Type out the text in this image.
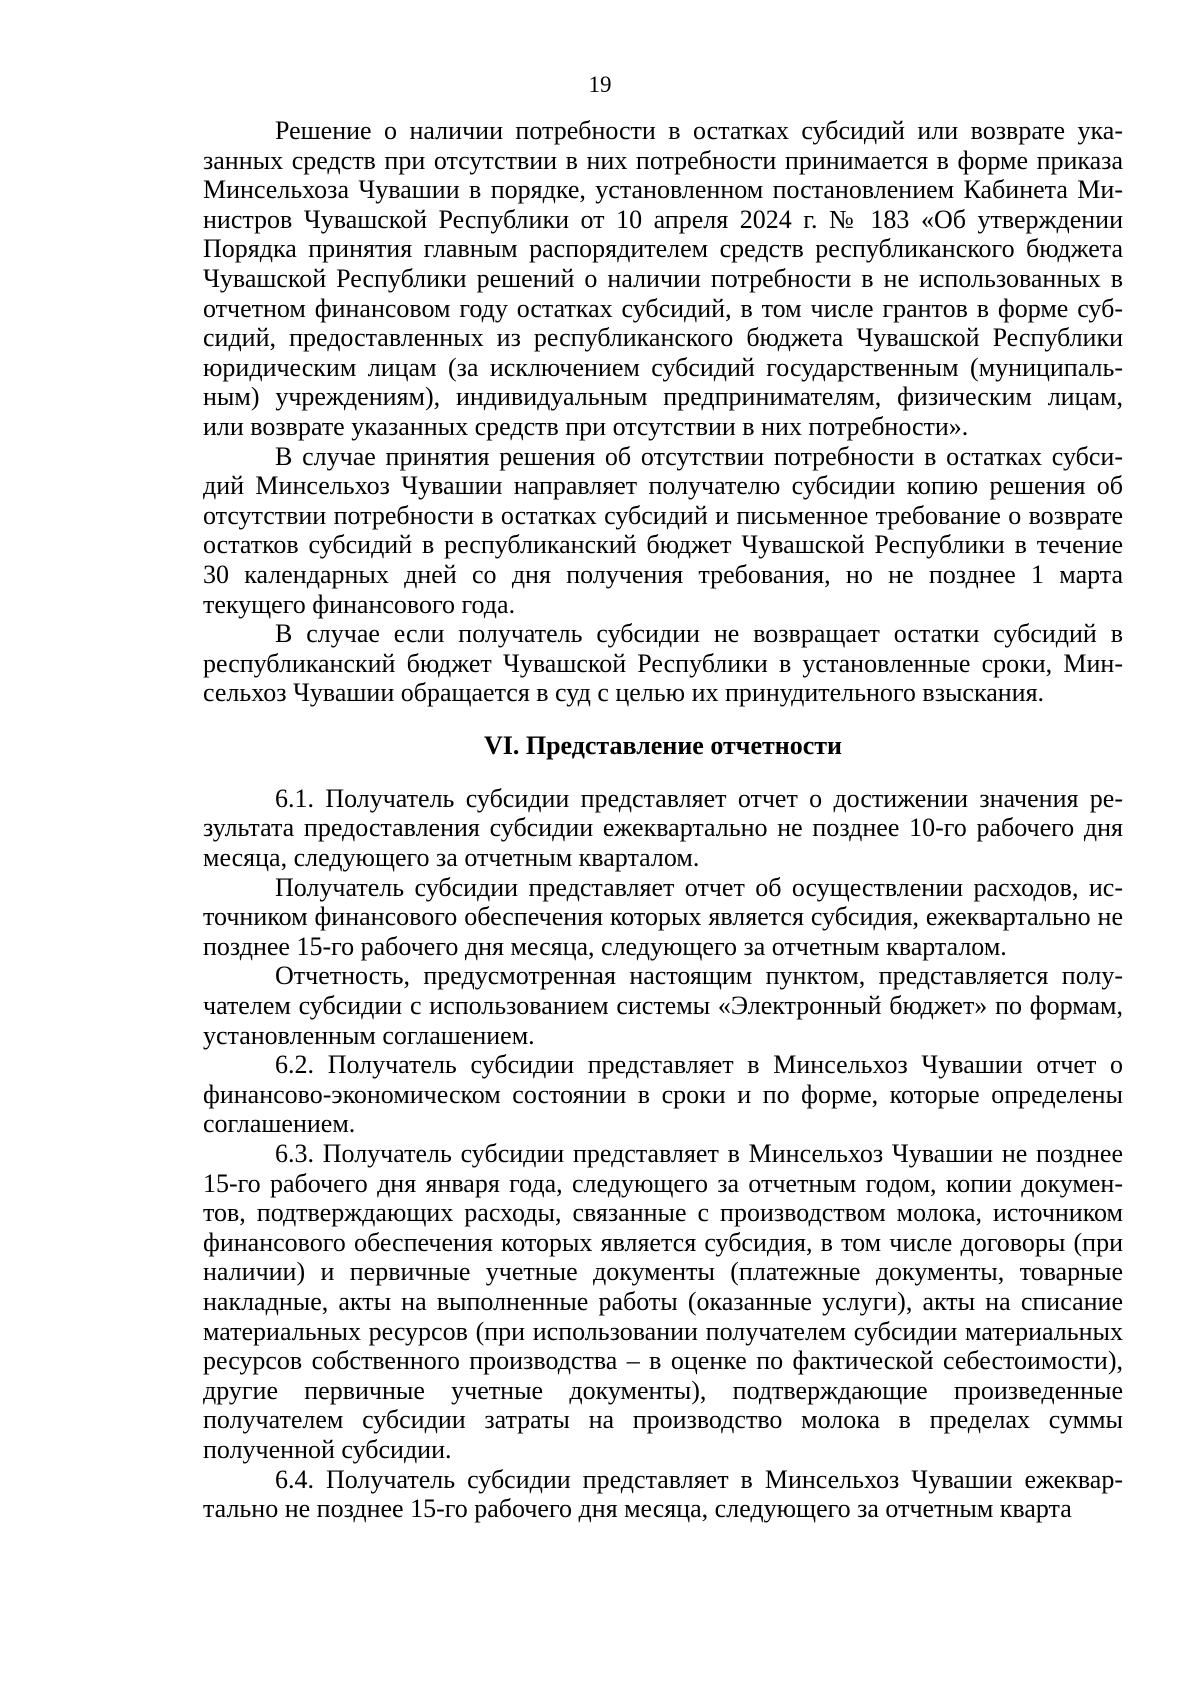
19

Решение о наличии потребности в остатках субсидий или возврате указанных средств при отсутствии в них потребности принимается в форме приказа Минсельхоза Чувашии в порядке, установленном постановлением Кабинета Министров Чувашской Республики от 10 апреля 2024 г. № 183 «Об утверждении Порядка принятия главным распорядителем средств республиканского бюджета Чувашской Республики решений о наличии потребности в не использованных в отчетном финансовом году остатках субсидий, в том числе грантов в форме субсидий, предоставленных из республиканского бюджета Чувашской Республики юридическим лицам (за исключением субсидий государственным (муниципальным) учреждениям), индивидуальным предпринимателям, физическим лицам, или возврате указанных средств при отсутствии в них потребности».

В случае принятия решения об отсутствии потребности в остатках субсидий Минсельхоз Чувашии направляет получателю субсидии копию решения об отсутствии потребности в остатках субсидий и письменное требование о возврате остатков субсидий в республиканский бюджет Чувашской Республики в течение 30 календарных дней со дня получения требования, но не позднее 1 марта текущего финансового года.

В случае если получатель субсидии не возвращает остатки субсидий в республиканский бюджет Чувашской Республики в установленные сроки, Минсельхоз Чувашии обращается в суд с целью их принудительного взыскания.

VI. Представление отчетности

6.1. Получатель субсидии представляет отчет о достижении значения результата предоставления субсидии ежеквартально не позднее 10-го рабочего дня месяца, следующего за отчетным кварталом.

Получатель субсидии представляет отчет об осуществлении расходов, источником финансового обеспечения которых является субсидия, ежеквартально не позднее 15-го рабочего дня месяца, следующего за отчетным кварталом.

Отчетность, предусмотренная настоящим пунктом, представляется получателем субсидии с использованием системы «Электронный бюджет» по формам, установленным соглашением.

6.2. Получатель субсидии представляет в Минсельхоз Чувашии отчет о финансово-экономическом состоянии в сроки и по форме, которые определены соглашением.

6.3. Получатель субсидии представляет в Минсельхоз Чувашии не позднее 15-го рабочего дня января года, следующего за отчетным годом, копии документов, подтверждающих расходы, связанные с производством молока, источником финансового обеспечения которых является субсидия, в том числе договоры (при наличии) и первичные учетные документы (платежные документы, товарные накладные, акты на выполненные работы (оказанные услуги), акты на списание материальных ресурсов (при использовании получателем субсидии материальных ресурсов собственного производства – в оценке по фактической себестоимости), другие первичные учетные документы), подтверждающие произведенные получателем субсидии затраты на производство молока в пределах суммы полученной субсидии.

6.4. Получатель субсидии представляет в Минсельхоз Чувашии ежеквартально не позднее 15-го рабочего дня месяца, следующего за отчетным кварта
